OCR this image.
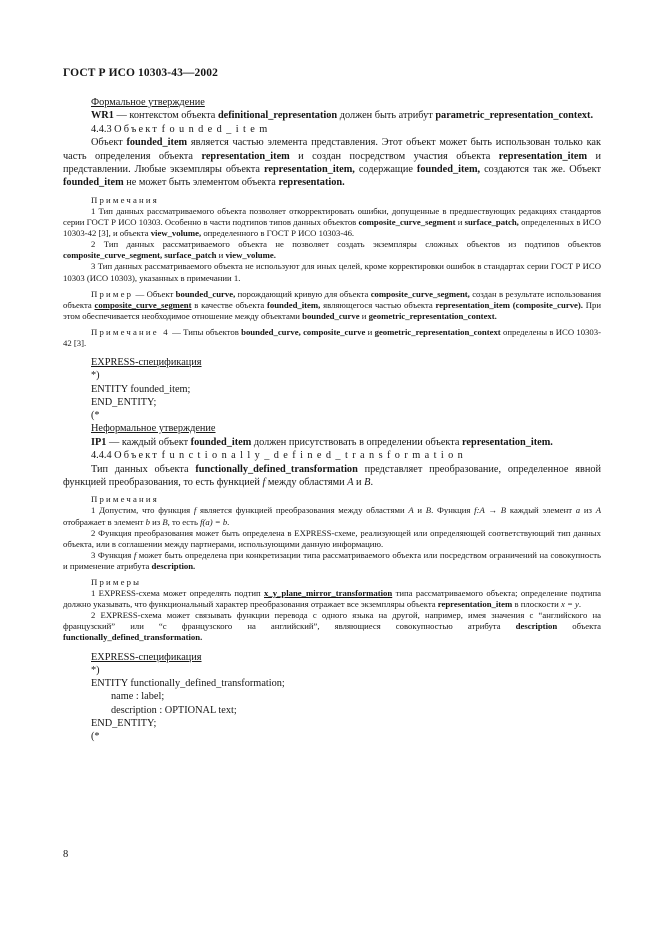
ГОСТ Р ИСО 10303-43—2002

Формальное утверждение

WR1 — контекстом объекта definitional_representation должен быть атрибут parametric_representation_context.

4.4.3 Объект founded_item

Объект founded_item является частью элемента представления. Этот объект может быть использован только как часть определения объекта representation_item и создан посредством участия объекта representation_item и представлении. Любые экземпляры объекта representation_item, содержащие founded_item, создаются так же. Объект founded_item не может быть элементом объекта representation.

Примечания

1 Тип данных рассматриваемого объекта позволяет откорректировать ошибки, допущенные в предшествующих редакциях стандартов серии ГОСТ Р ИСО 10303. Особенно в части подтипов типов данных объектов composite_curve_segment и surface_patch, определенных в ИСО 10303-42 [3], и объекта view_volume, определенного в ГОСТ Р ИСО 10303-46.

2 Тип данных рассматриваемого объекта не позволяет создать экземпляры сложных объектов из подтипов объектов composite_curve_segment, surface_patch и view_volume.

3 Тип данных рассматриваемого объекта не используют для иных целей, кроме корректировки ошибок в стандартах серии ГОСТ Р ИСО 10303 (ИСО 10303), указанных в примечании 1.

Пример — Объект bounded_curve, порождающий кривую для объекта composite_curve_segment, создан в результате использования объекта composite_curve_segment в качестве объекта founded_item, являющегося частью объекта representation_item (composite_curve). При этом обеспечивается необходимое отношение между объектами bounded_curve и geometric_representation_context.

Примечание 4 — Типы объектов bounded_curve, composite_curve и geometric_representation_context определены в ИСО 10303-42 [3].

EXPRESS-спецификация

*)
ENTITY founded_item;
END_ENTITY;
(*

Неформальное утверждение

IP1 — каждый объект founded_item должен присутствовать в определении объекта representation_item.

4.4.4 Объект functionally_defined_transformation

Тип данных объекта functionally_defined_transformation представляет преобразование, определенное явной функцией преобразования, то есть функцией f между областями A и B.

Примечания

1 Допустим, что функция f является функцией преобразования между областями A и B. Функция f:A → B каждый элемент a из A отображает в элемент b из B, то есть f(a) = b.

2 Функция преобразования может быть определена в EXPRESS-схеме, реализующей или определяющей соответствующий тип данных объекта, или в соглашении между партнерами, использующими данную информацию.

3 Функция f может быть определена при конкретизации типа рассматриваемого объекта или посредством ограничений на совокупность и применение атрибута description.

Примеры

1 EXPRESS-схема может определять подтип x_y_plane_mirror_transformation типа рассматриваемого объекта; определение подтипа должно указывать, что функциональный характер преобразования отражает все экземпляры объекта representation_item в плоскости x = y.

2 EXPRESS-схема может связывать функции перевода с одного языка на другой, например, имея значения с “английского на французский” или “с французского на английский”, являющиеся совокупностью атрибута description объекта functionally_defined_transformation.

EXPRESS-спецификация

*)
ENTITY functionally_defined_transformation;
name : label;
description : OPTIONAL text;
END_ENTITY;
(*
8
